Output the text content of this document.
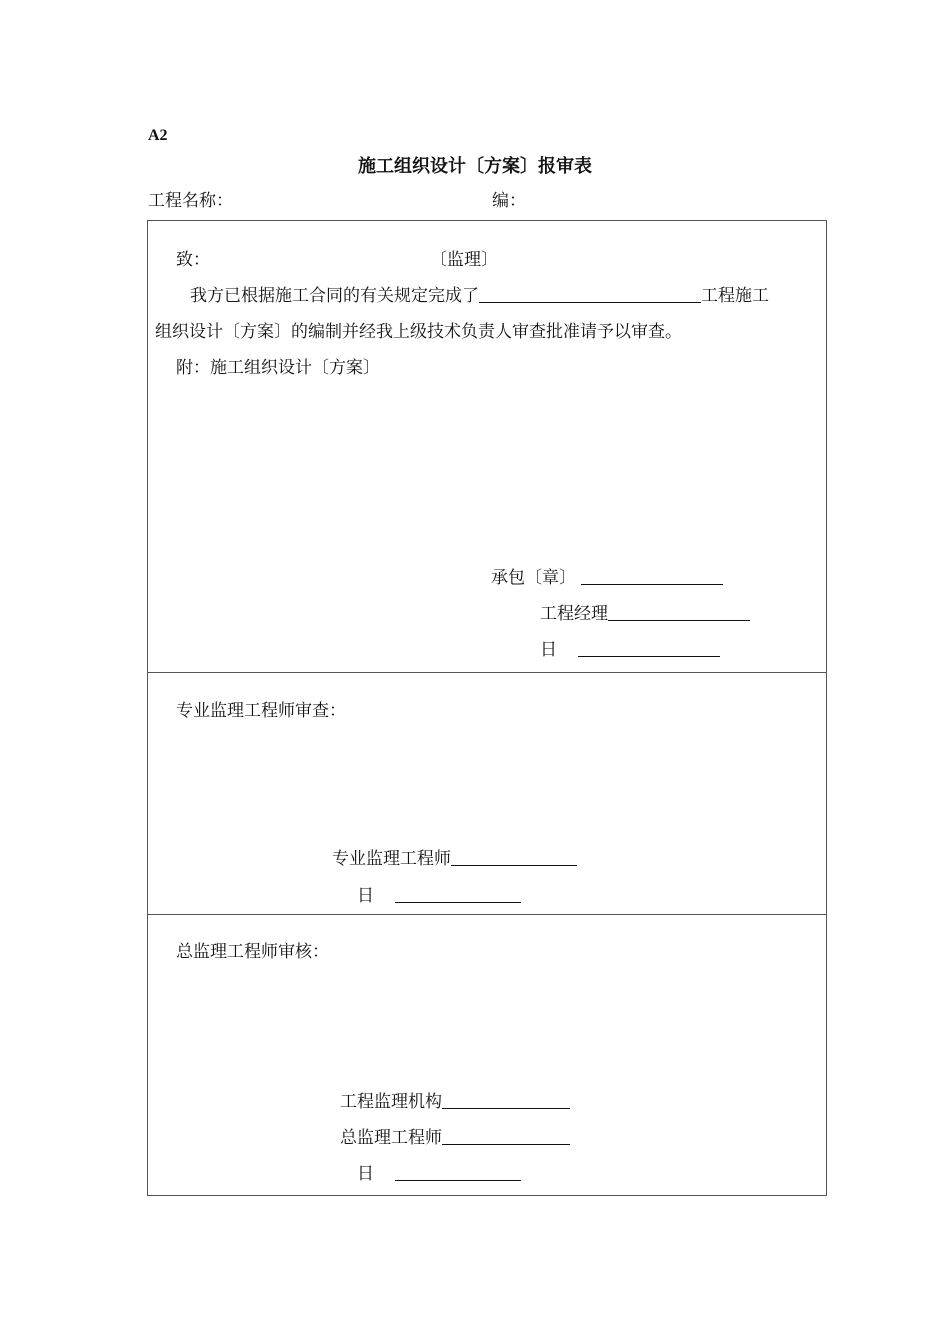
A2
施工组织设计〔方案〕报审表
工程名称：	编：
致：	〔监理〕
我方已根据施工合同的有关规定完成了	工程施工
组织设计〔方案〕的编制并经我上级技术负责人审查批准请予以审查。
附：施工组织设计〔方案〕
承包〔章〕
工程经理
日
专业监理工程师审查：
专业监理工程师
日
总监理工程师审核：
工程监理机构
总监理工程师
日
